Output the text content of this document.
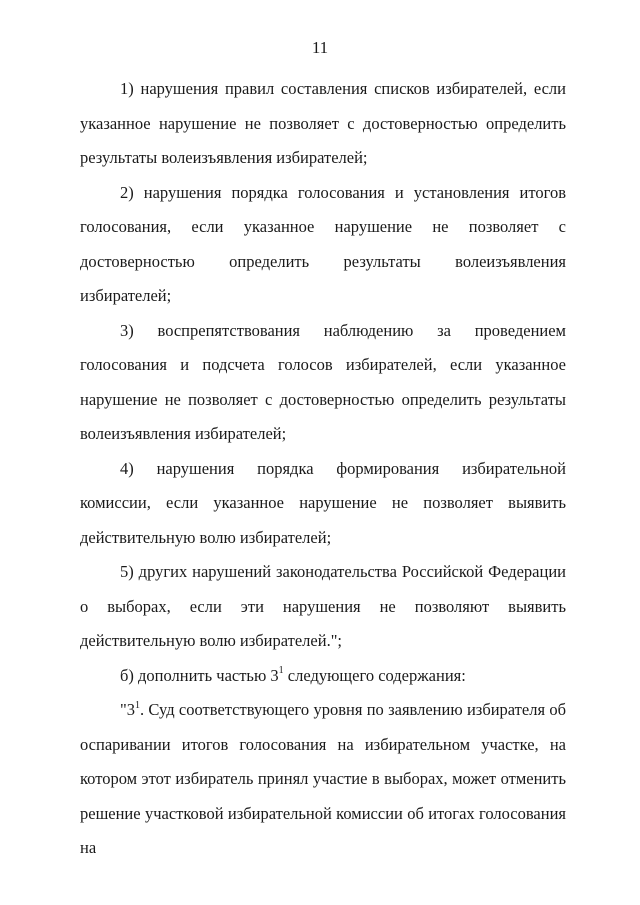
11

1) нарушения правил составления списков избирателей, если указанное нарушение не позволяет с достоверностью определить результаты волеизъявления избирателей;

2) нарушения порядка голосования и установления итогов голосования, если указанное нарушение не позволяет с достоверностью определить результаты волеизъявления избирателей;

3) воспрепятствования наблюдению за проведением голосования и подсчета голосов избирателей, если указанное нарушение не позволяет с достоверностью определить результаты волеизъявления избирателей;

4) нарушения порядка формирования избирательной комиссии, если указанное нарушение не позволяет выявить действительную волю избирателей;

5) других нарушений законодательства Российской Федерации о выборах, если эти нарушения не позволяют выявить действительную волю избирателей.";

б) дополнить частью $3^1$ следующего содержания:

"$3^1$. Суд соответствующего уровня по заявлению избирателя об оспаривании итогов голосования на избирательном участке, на котором этот избиратель принял участие в выборах, может отменить решение участковой избирательной комиссии об итогах голосования на
